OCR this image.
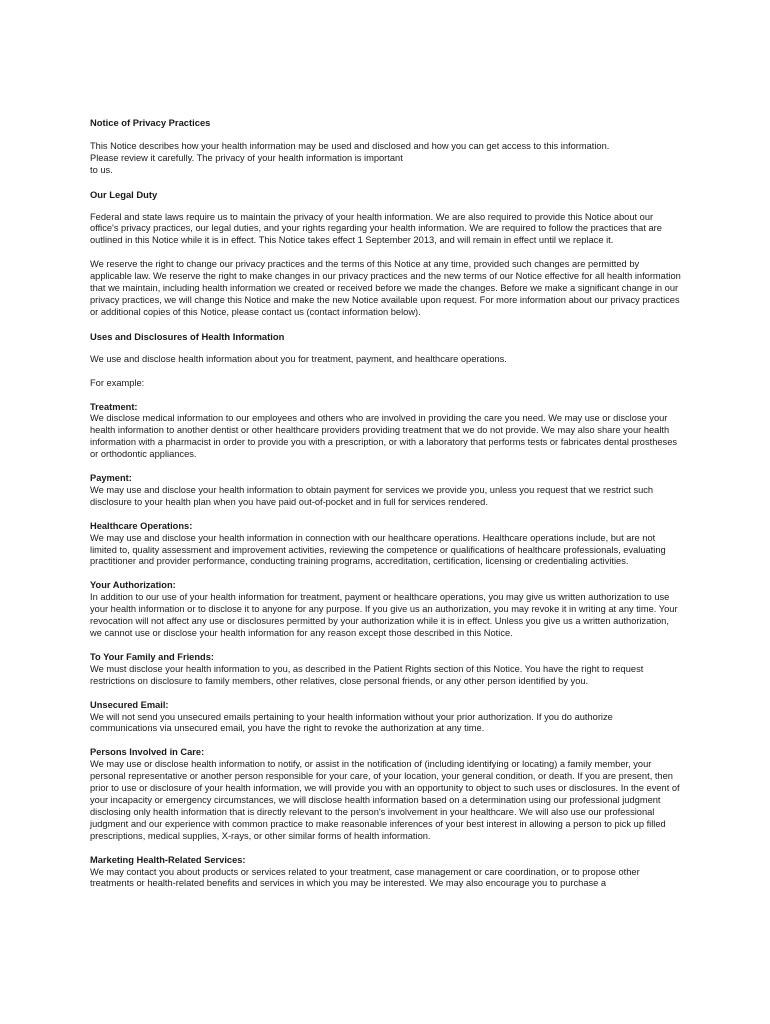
Notice of Privacy Practices

This Notice describes how your health information may be used and disclosed and how you can get access to this information.
Please review it carefully. The privacy of your health information is important
to us.

Our Legal Duty

Federal and state laws require us to maintain the privacy of your health information. We are also required to provide this Notice about our office's privacy practices, our legal duties, and your rights regarding your health information. We are required to follow the practices that are outlined in this Notice while it is in effect. This Notice takes effect 1 September 2013, and will remain in effect until we replace it.

We reserve the right to change our privacy practices and the terms of this Notice at any time, provided such changes are permitted by applicable law. We reserve the right to make changes in our privacy practices and the new terms of our Notice effective for all health information that we maintain, including health information we created or received before we made the changes. Before we make a significant change in our privacy practices, we will change this Notice and make the new Notice available upon request. For more information about our privacy practices or additional copies of this Notice, please contact us (contact information below).

Uses and Disclosures of Health Information

We use and disclose health information about you for treatment, payment, and healthcare operations.

For example:

Treatment:
We disclose medical information to our employees and others who are involved in providing the care you need. We may use or disclose your health information to another dentist or other healthcare providers providing treatment that we do not provide. We may also share your health information with a pharmacist in order to provide you with a prescription, or with a laboratory that performs tests or fabricates dental prostheses or orthodontic appliances.
Payment:
We may use and disclose your health information to obtain payment for services we provide you, unless you request that we restrict such disclosure to your health plan when you have paid out-of-pocket and in full for services rendered.
Healthcare Operations:
We may use and disclose your health information in connection with our healthcare operations. Healthcare operations include, but are not limited to, quality assessment and improvement activities, reviewing the competence or qualifications of healthcare professionals, evaluating practitioner and provider performance, conducting training programs, accreditation, certification, licensing or credentialing activities.
Your Authorization:
In addition to our use of your health information for treatment, payment or healthcare operations, you may give us written authorization to use your health information or to disclose it to anyone for any purpose. If you give us an authorization, you may revoke it in writing at any time. Your revocation will not affect any use or disclosures permitted by your authorization while it is in effect. Unless you give us a written authorization, we cannot use or disclose your health information for any reason except those described in this Notice.
To Your Family and Friends:
We must disclose your health information to you, as described in the Patient Rights section of this Notice. You have the right to request restrictions on disclosure to family members, other relatives, close personal friends, or any other person identified by you.
Unsecured Email:
We will not send you unsecured emails pertaining to your health information without your prior authorization. If you do authorize communications via unsecured email, you have the right to revoke the authorization at any time.
Persons Involved in Care:
We may use or disclose health information to notify, or assist in the notification of (including identifying or locating) a family member, your personal representative or another person responsible for your care, of your location, your general condition, or death. If you are present, then prior to use or disclosure of your health information, we will provide you with an opportunity to object to such uses or disclosures. In the event of your incapacity or emergency circumstances, we will disclose health information based on a determination using our professional judgment disclosing only health information that is directly relevant to the person's involvement in your healthcare. We will also use our professional judgment and our experience with common practice to make reasonable inferences of your best interest in allowing a person to pick up filled prescriptions, medical supplies, X-rays, or other similar forms of health information.
Marketing Health-Related Services:
We may contact you about products or services related to your treatment, case management or care coordination, or to propose other treatments or health-related benefits and services in which you may be interested. We may also encourage you to purchase a
